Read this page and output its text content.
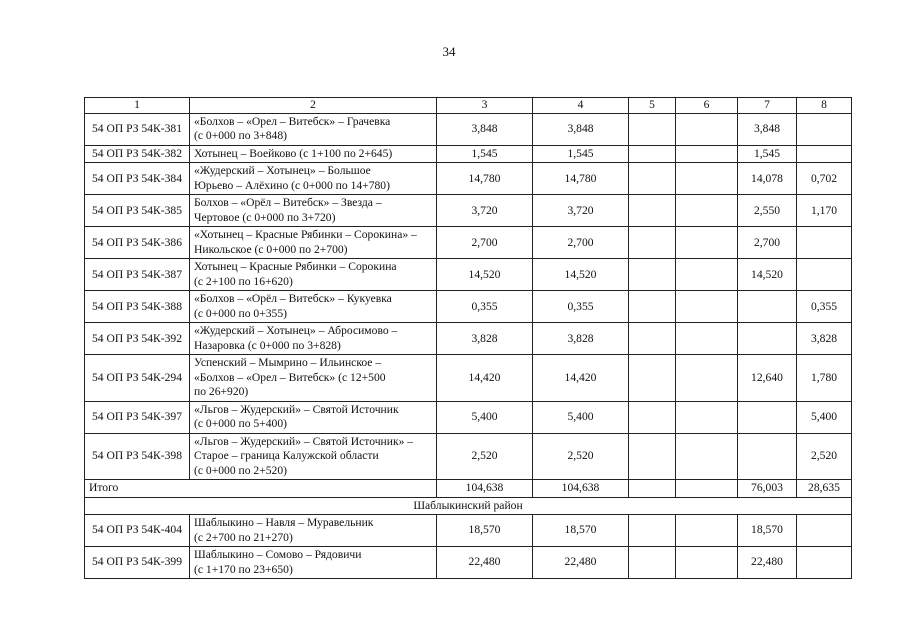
34
1	2	3	4	5	6	7	8
54 ОП РЗ 54К-381	«Болхов – «Орел – Витебск» – Грачевка
(с 0+000 по 3+848)	3,848	3,848			3,848	
54 ОП РЗ 54К-382	Хотынец – Воейково (с 1+100 по 2+645)	1,545	1,545			1,545	
54 ОП РЗ 54К-384	«Жудерский – Хотынец» – Большое
Юрьево – Алёхино (с 0+000 по 14+780)	14,780	14,780			14,078	0,702
54 ОП РЗ 54К-385	Болхов – «Орёл – Витебск» – Звезда –
Чертовое (с 0+000 по 3+720)	3,720	3,720			2,550	1,170
54 ОП РЗ 54К-386	«Хотынец – Красные Рябинки – Сорокина» –
Никольское (с 0+000 по 2+700)	2,700	2,700			2,700	
54 ОП РЗ 54К-387	Хотынец – Красные Рябинки – Сорокина
(с 2+100 по 16+620)	14,520	14,520			14,520	
54 ОП РЗ 54К-388	«Болхов – «Орёл – Витебск» – Кукуевка
(с 0+000 по 0+355)	0,355	0,355				0,355
54 ОП РЗ 54К-392	«Жудерский – Хотынец» – Абросимово –
Назаровка (с 0+000 по 3+828)	3,828	3,828				3,828
54 ОП РЗ 54К-294	Успенский – Мымрино – Ильинское –
«Болхов – «Орел – Витебск» (с 12+500
по 26+920)	14,420	14,420			12,640	1,780
54 ОП РЗ 54К-397	«Льгов – Жудерский» – Святой Источник
(с 0+000 по 5+400)	5,400	5,400				5,400
54 ОП РЗ 54К-398	«Льгов – Жудерский» – Святой Источник» –
Старое – граница Калужской области
(с 0+000 по 2+520)	2,520	2,520				2,520
Итого		104,638	104,638			76,003	28,635
Шаблыкинский район							
54 ОП РЗ 54К-404	Шаблыкино – Навля – Муравельник
(с 2+700 по 21+270)	18,570	18,570			18,570	
54 ОП РЗ 54К-399	Шаблыкино – Сомово – Рядовичи
(с 1+170 по 23+650)	22,480	22,480			22,480	
